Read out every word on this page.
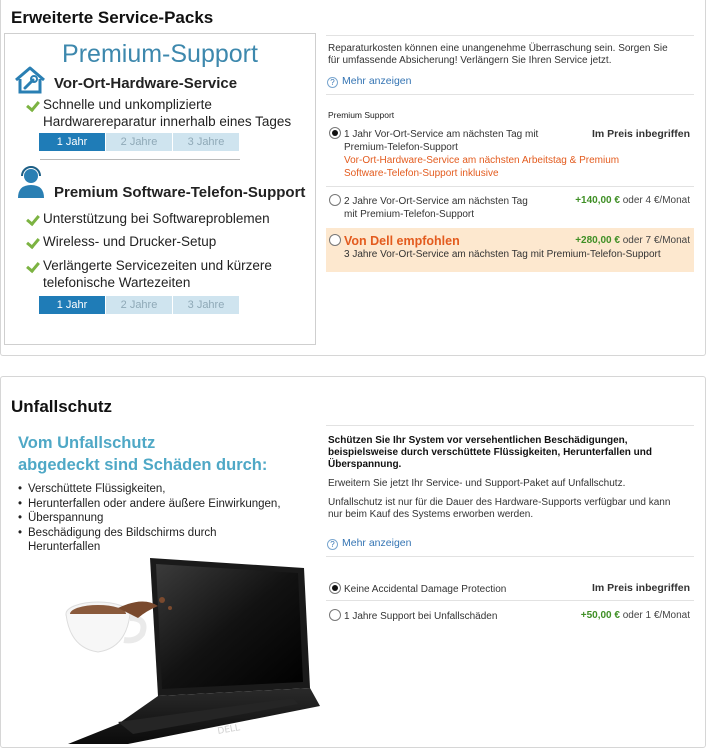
Erweiterte Service-Packs
Premium-Support
Vor-Ort-Hardware-Service
Schnelle und unkomplizierte
Hardwarereparatur innerhalb eines Tages
1 Jahr	2 Jahre	3 Jahre
Premium Software-Telefon-Support
Unterstützung bei Softwareproblemen
Wireless- und Drucker-Setup
Verlängerte Servicezeiten und kürzere
telefonische Wartezeiten
1 Jahr	2 Jahre	3 Jahre
Reparaturkosten können eine unangenehme Überraschung sein. Sorgen Sie
für umfassende Absicherung! Verlängern Sie Ihren Service jetzt.
? Mehr anzeigen
Premium Support
1 Jahr Vor-Ort-Service am nächsten Tag mit
Premium-Telefon-Support
Vor-Ort-Hardware-Service am nächsten Arbeitstag & Premium
Software-Telefon-Support inklusive
Im Preis inbegriffen
2 Jahre Vor-Ort-Service am nächsten Tag
mit Premium-Telefon-Support
+140,00 € oder 4 €/Monat
Von Dell empfohlen
3 Jahre Vor-Ort-Service am nächsten Tag mit Premium-Telefon-Support
+280,00 € oder 7 €/Monat
Unfallschutz
Vom Unfallschutz
abgedeckt sind Schäden durch:
• Verschüttete Flüssigkeiten,
• Herunterfallen oder andere äußere Einwirkungen,
• Überspannung
• Beschädigung des Bildschirms durch
Herunterfallen
DELL
Schützen Sie Ihr System vor versehentlichen Beschädigungen,
beispielsweise durch verschüttete Flüssigkeiten, Herunterfallen und
Überspannung.
Erweitern Sie jetzt Ihr Service- und Support-Paket auf Unfallschutz.
Unfallschutz ist nur für die Dauer des Hardware-Supports verfügbar und kann
nur beim Kauf des Systems erworben werden.
? Mehr anzeigen
Keine Accidental Damage Protection	Im Preis inbegriffen
1 Jahre Support bei Unfallschäden	+50,00 € oder 1 €/Monat
